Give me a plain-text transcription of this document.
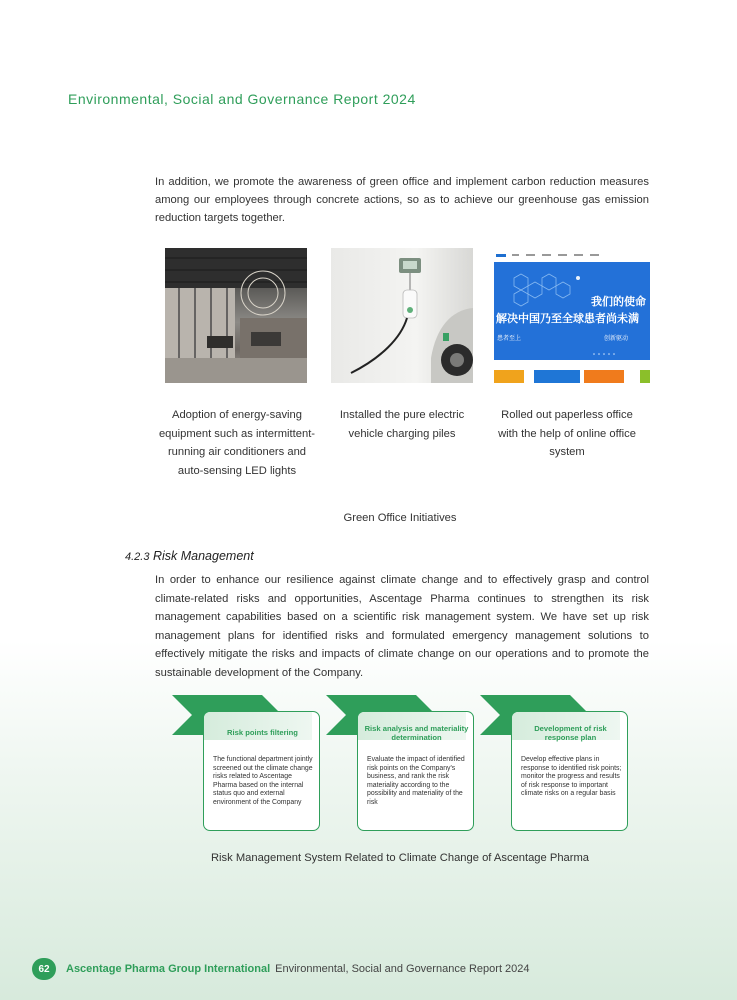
Environmental, Social and Governance Report 2024

In addition, we promote the awareness of green office and implement carbon reduction measures among our employees through concrete actions, so as to achieve our greenhouse gas emission reduction targets together.

我们的使命
解决中国乃至全球患者尚未满
患者至上	创新驱动
Adoption of energy-saving equipment such as intermittent-running air conditioners and auto-sensing LED lights
Installed the pure electric vehicle charging piles
Rolled out paperless office with the help of online office system
Green Office Initiatives
4.2.3 Risk Management

In order to enhance our resilience against climate change and to effectively grasp and control climate-related risks and opportunities, Ascentage Pharma continues to strengthen its risk management capabilities based on a scientific risk management system. We have set up risk management plans for identified risks and formulated emergency management solutions to effectively mitigate the risks and impacts of climate change on our operations and to promote the sustainable development of the Company.

Risk points filtering
The functional department jointly screened out the climate change risks related to Ascentage Pharma based on the internal status quo and external environment of the Company
Risk analysis and materiality determination
Evaluate the impact of identified risk points on the Company's business, and rank the risk materiality according to the possibility and materiality of the risk
Development of risk response plan
Develop effective plans in response to identified risk points; monitor the progress and results of risk response to important climate risks on a regular basis
Risk Management System Related to Climate Change of Ascentage Pharma
62	Ascentage Pharma Group International Environmental, Social and Governance Report 2024
